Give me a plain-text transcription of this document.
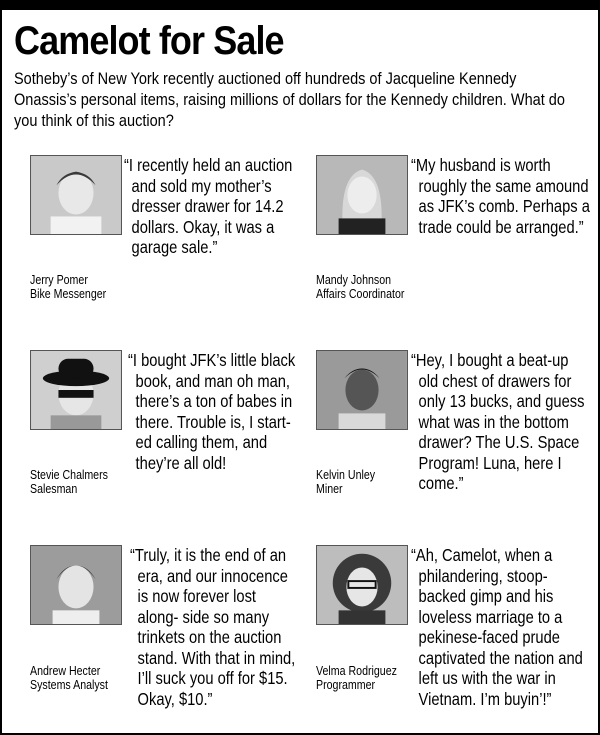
Camelot for Sale
Sotheby’s of New York recently auctioned off hundreds of Jacqueline Kennedy Onassis’s personal items, raising millions of dollars for the Kennedy children. What do you think of this auction?
“I recently held an auction
and sold my mother’s
dresser drawer for 14.2
dollars. Okay, it was a
garage sale.”
Jerry Pomer
Bike Messenger
“My husband is worth
roughly the same amound
as JFK’s comb. Perhaps a
trade could be arranged.”
Mandy Johnson
Affairs Coordinator
“I bought JFK’s little black
book, and man oh man,
there’s a ton of babes in
there. Trouble is, I start-
ed calling them, and
they’re all old!
Stevie Chalmers
Salesman
“Hey, I bought a beat-up
old chest of drawers for
only 13 bucks, and guess
what was in the bottom
drawer? The U.S. Space
Program! Luna, here I
come.”
Kelvin Unley
Miner
“Truly, it is the end of an
era, and our innocence
is now forever lost
along- side so many
trinkets on the auction
stand. With that in mind,
I’ll suck you off for $15.
Okay, $10.”
Andrew Hecter
Systems Analyst
“Ah, Camelot, when a
philandering, stoop-
backed gimp and his
loveless marriage to a
pekinese-faced prude
captivated the nation and
left us with the war in
Vietnam. I’m buyin’!”
Velma Rodriguez
Programmer
